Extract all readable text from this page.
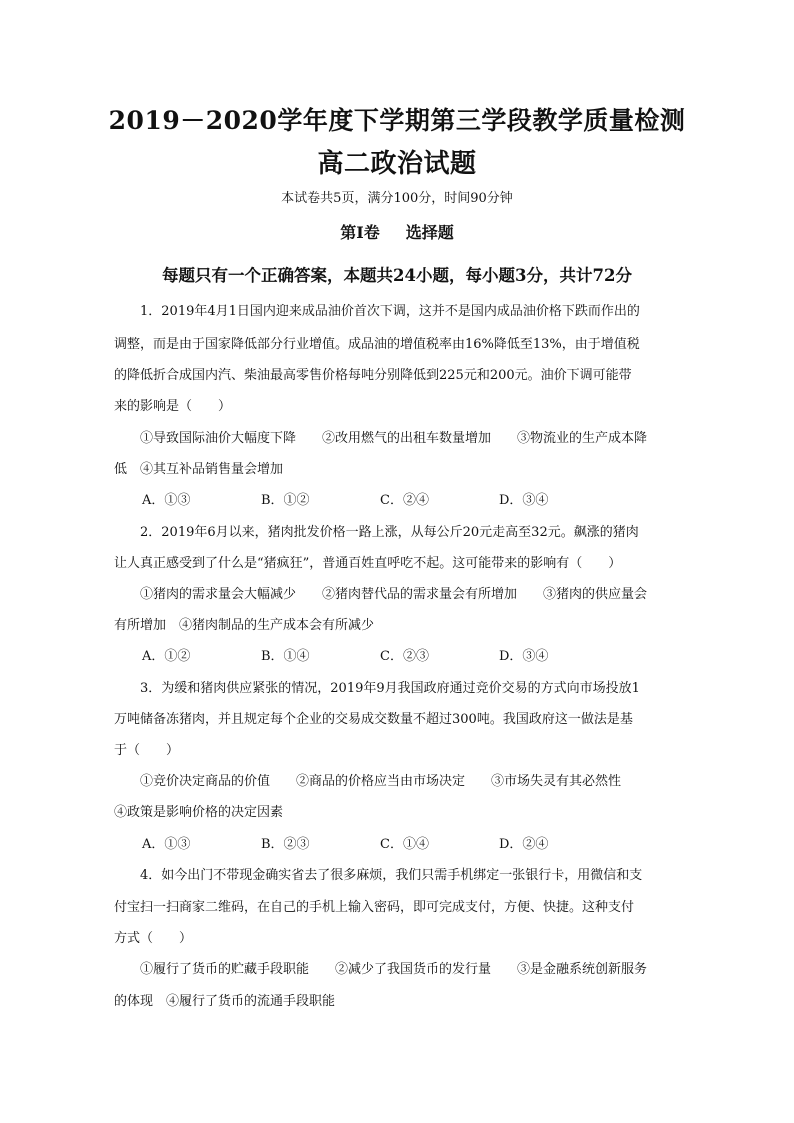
2019－2020学年度下学期第三学段教学质量检测
高二政治试题
本试卷共5页，满分100分，时间90分钟
第Ⅰ卷 选择题
每题只有一个正确答案，本题共24小题，每小题3分，共计72分
1．2019年4月1日国内迎来成品油价首次下调，这并不是国内成品油价格下跌而作出的
调整，而是由于国家降低部分行业增值。成品油的增值税率由16%降低至13%，由于增值税
的降低折合成国内汽、柴油最高零售价格每吨分别降低到225元和200元。油价下调可能带
来的影响是（　　）
①导致国际油价大幅度下降　　②改用燃气的出租车数量增加　　③物流业的生产成本降
低　④其互补品销售量会增加
A．①③	B．①②	C．②④	D．③④
2．2019年6月以来，猪肉批发价格一路上涨，从每公斤20元走高至32元。飙涨的猪肉
让人真正感受到了什么是“猪疯狂”，普通百姓直呼吃不起。这可能带来的影响有（　　）
①猪肉的需求量会大幅减少　　②猪肉替代品的需求量会有所增加　　③猪肉的供应量会
有所增加　④猪肉制品的生产成本会有所减少
A．①②	B．①④	C．②③	D．③④
3．为缓和猪肉供应紧张的情况，2019年9月我国政府通过竞价交易的方式向市场投放1
万吨储备冻猪肉，并且规定每个企业的交易成交数量不超过300吨。我国政府这一做法是基
于（　　）
①竞价决定商品的价值　　②商品的价格应当由市场决定　　③市场失灵有其必然性
④政策是影响价格的决定因素
A．①③	B．②③	C．①④	D．②④
4．如今出门不带现金确实省去了很多麻烦，我们只需手机绑定一张银行卡，用微信和支
付宝扫一扫商家二维码，在自己的手机上输入密码，即可完成支付，方便、快捷。这种支付
方式（　　）
①履行了货币的贮藏手段职能　　②减少了我国货币的发行量　　③是金融系统创新服务
的体现　④履行了货币的流通手段职能
